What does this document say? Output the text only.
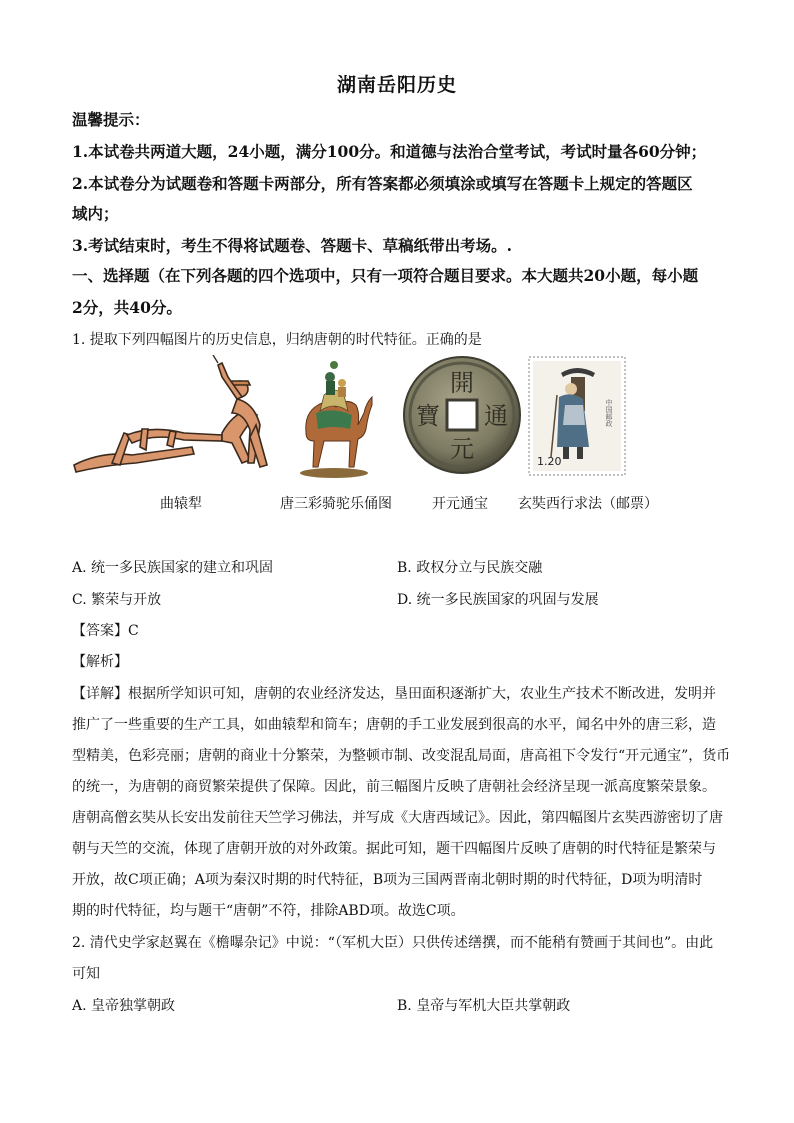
湖南岳阳历史
温馨提示：
1.本试卷共两道大题，24小题，满分100分。和道德与法治合堂考试，考试时量各60分钟；
2.本试卷分为试题卷和答题卡两部分，所有答案都必须填涂或填写在答题卡上规定的答题区
域内；
3.考试结束时，考生不得将试题卷、答题卡、草稿纸带出考场。.
一、选择题（在下列各题的四个选项中，只有一项符合题目要求。本大题共20小题，每小题
2分，共40分。
1. 提取下列四幅图片的历史信息，归纳唐朝的时代特征。正确的是
開
元
通
寶	中国邮政
1.20
曲辕犁	唐三彩骑驼乐俑图	开元通宝 玄奘西行求法（邮票）
A. 统一多民族国家的建立和巩固	B. 政权分立与民族交融
C. 繁荣与开放	D. 统一多民族国家的巩固与发展
【答案】C
【解析】
【详解】根据所学知识可知，唐朝的农业经济发达，垦田面积逐渐扩大，农业生产技术不断改进，发明并
推广了一些重要的生产工具，如曲辕犁和筒车；唐朝的手工业发展到很高的水平，闻名中外的唐三彩，造
型精美，色彩亮丽；唐朝的商业十分繁荣，为整顿市制、改变混乱局面，唐高祖下令发行“开元通宝”，货币
的统一，为唐朝的商贸繁荣提供了保障。因此，前三幅图片反映了唐朝社会经济呈现一派高度繁荣景象。
唐朝高僧玄奘从长安出发前往天竺学习佛法，并写成《大唐西域记》。因此，第四幅图片玄奘西游密切了唐
朝与天竺的交流，体现了唐朝开放的对外政策。据此可知，题干四幅图片反映了唐朝的时代特征是繁荣与
开放，故C项正确；A项为秦汉时期的时代特征，B项为三国两晋南北朝时期的时代特征，D项为明清时
期的时代特征，均与题干“唐朝”不符，排除ABD项。故选C项。
2. 清代史学家赵翼在《檐曝杂记》中说：“（军机大臣）只供传述缮撰，而不能稍有赞画于其间也”。由此
可知
A. 皇帝独掌朝政	B. 皇帝与军机大臣共掌朝政
